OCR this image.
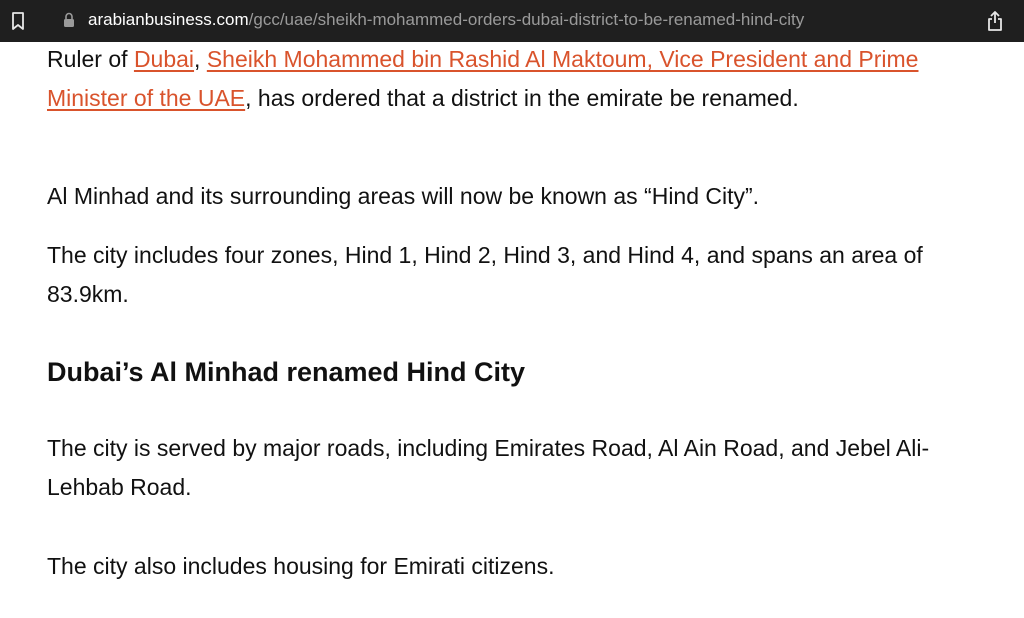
arabianbusiness.com/gcc/uae/sheikh-mohammed-orders-dubai-district-to-be-renamed-hind-city

Ruler of Dubai, Sheikh Mohammed bin Rashid Al Maktoum, Vice President and Prime Minister of the UAE, has ordered that a district in the emirate be renamed.

Al Minhad and its surrounding areas will now be known as “Hind City”.

The city includes four zones, Hind 1, Hind 2, Hind 3, and Hind 4, and spans an area of 83.9km.

Dubai’s Al Minhad renamed Hind City

The city is served by major roads, including Emirates Road, Al Ain Road, and Jebel Ali-Lehbab Road.

The city also includes housing for Emirati citizens.
